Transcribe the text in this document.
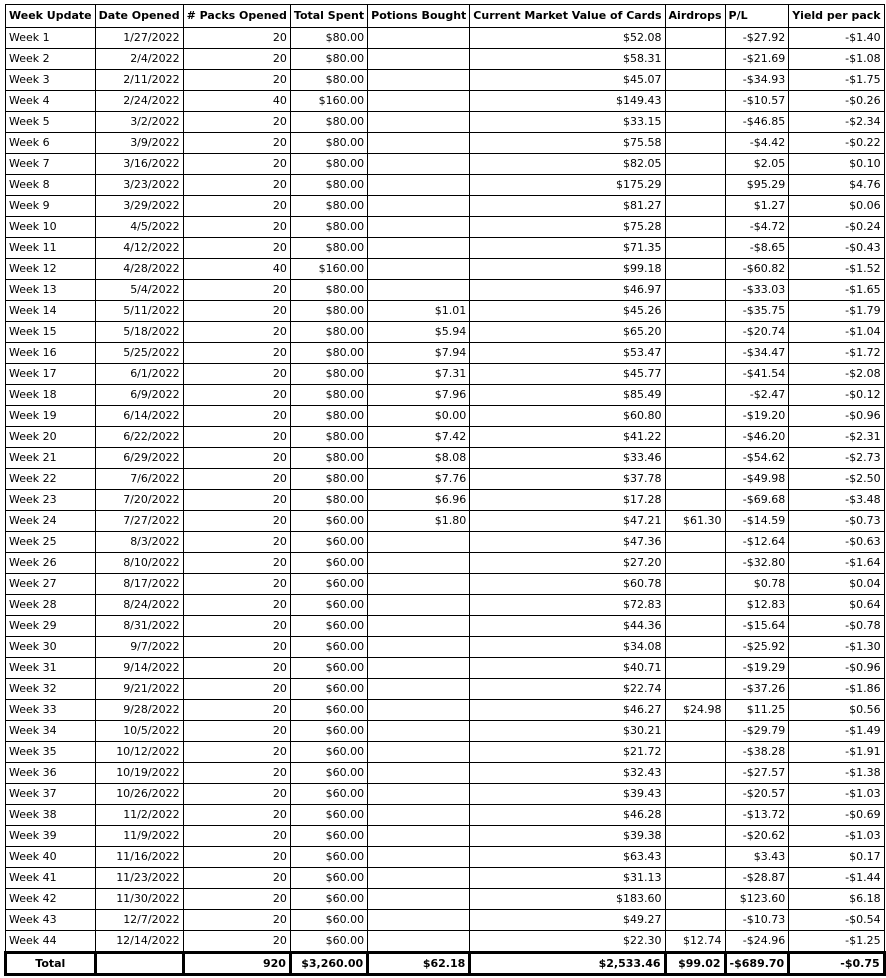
Week Update	Date Opened	# Packs Opened	Total Spent	Potions Bought	Current Market Value of Cards	Airdrops	P/L	Yield per pack
Week 1	1/27/2022	20	$80.00		$52.08		-$27.92	-$1.40
Week 2	2/4/2022	20	$80.00		$58.31		-$21.69	-$1.08
Week 3	2/11/2022	20	$80.00		$45.07		-$34.93	-$1.75
Week 4	2/24/2022	40	$160.00		$149.43		-$10.57	-$0.26
Week 5	3/2/2022	20	$80.00		$33.15		-$46.85	-$2.34
Week 6	3/9/2022	20	$80.00		$75.58		-$4.42	-$0.22
Week 7	3/16/2022	20	$80.00		$82.05		$2.05	$0.10
Week 8	3/23/2022	20	$80.00		$175.29		$95.29	$4.76
Week 9	3/29/2022	20	$80.00		$81.27		$1.27	$0.06
Week 10	4/5/2022	20	$80.00		$75.28		-$4.72	-$0.24
Week 11	4/12/2022	20	$80.00		$71.35		-$8.65	-$0.43
Week 12	4/28/2022	40	$160.00		$99.18		-$60.82	-$1.52
Week 13	5/4/2022	20	$80.00		$46.97		-$33.03	-$1.65
Week 14	5/11/2022	20	$80.00	$1.01	$45.26		-$35.75	-$1.79
Week 15	5/18/2022	20	$80.00	$5.94	$65.20		-$20.74	-$1.04
Week 16	5/25/2022	20	$80.00	$7.94	$53.47		-$34.47	-$1.72
Week 17	6/1/2022	20	$80.00	$7.31	$45.77		-$41.54	-$2.08
Week 18	6/9/2022	20	$80.00	$7.96	$85.49		-$2.47	-$0.12
Week 19	6/14/2022	20	$80.00	$0.00	$60.80		-$19.20	-$0.96
Week 20	6/22/2022	20	$80.00	$7.42	$41.22		-$46.20	-$2.31
Week 21	6/29/2022	20	$80.00	$8.08	$33.46		-$54.62	-$2.73
Week 22	7/6/2022	20	$80.00	$7.76	$37.78		-$49.98	-$2.50
Week 23	7/20/2022	20	$80.00	$6.96	$17.28		-$69.68	-$3.48
Week 24	7/27/2022	20	$60.00	$1.80	$47.21	$61.30	-$14.59	-$0.73
Week 25	8/3/2022	20	$60.00		$47.36		-$12.64	-$0.63
Week 26	8/10/2022	20	$60.00		$27.20		-$32.80	-$1.64
Week 27	8/17/2022	20	$60.00		$60.78		$0.78	$0.04
Week 28	8/24/2022	20	$60.00		$72.83		$12.83	$0.64
Week 29	8/31/2022	20	$60.00		$44.36		-$15.64	-$0.78
Week 30	9/7/2022	20	$60.00		$34.08		-$25.92	-$1.30
Week 31	9/14/2022	20	$60.00		$40.71		-$19.29	-$0.96
Week 32	9/21/2022	20	$60.00		$22.74		-$37.26	-$1.86
Week 33	9/28/2022	20	$60.00		$46.27	$24.98	$11.25	$0.56
Week 34	10/5/2022	20	$60.00		$30.21		-$29.79	-$1.49
Week 35	10/12/2022	20	$60.00		$21.72		-$38.28	-$1.91
Week 36	10/19/2022	20	$60.00		$32.43		-$27.57	-$1.38
Week 37	10/26/2022	20	$60.00		$39.43		-$20.57	-$1.03
Week 38	11/2/2022	20	$60.00		$46.28		-$13.72	-$0.69
Week 39	11/9/2022	20	$60.00		$39.38		-$20.62	-$1.03
Week 40	11/16/2022	20	$60.00		$63.43		$3.43	$0.17
Week 41	11/23/2022	20	$60.00		$31.13		-$28.87	-$1.44
Week 42	11/30/2022	20	$60.00		$183.60		$123.60	$6.18
Week 43	12/7/2022	20	$60.00		$49.27		-$10.73	-$0.54
Week 44	12/14/2022	20	$60.00		$22.30	$12.74	-$24.96	-$1.25
Total		920	$3,260.00	$62.18	$2,533.46	$99.02	-$689.70	-$0.75
